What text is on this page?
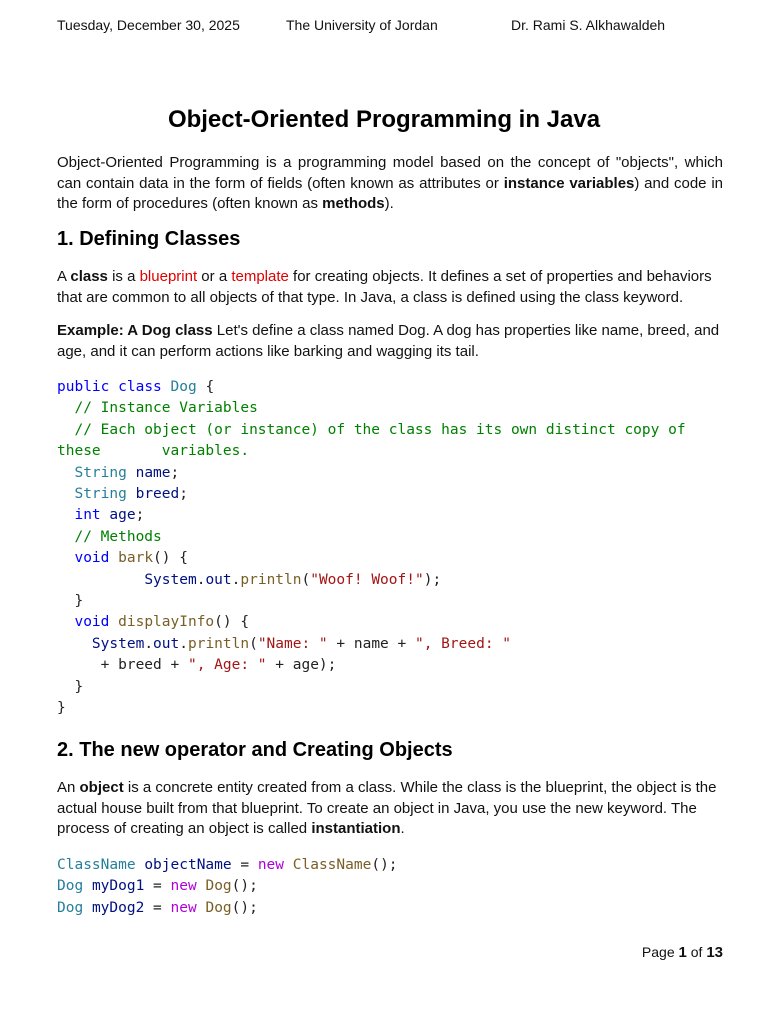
Tuesday, December 30, 2025	The University of Jordan	Dr. Rami S. Alkhawaldeh
Object-Oriented Programming in Java

Object-Oriented Programming is a programming model based on the concept of "objects", which can contain data in the form of fields (often known as attributes or instance variables) and code in the form of procedures (often known as methods).

1. Defining Classes

A class is a blueprint or a template for creating objects. It defines a set of properties and behaviors that are common to all objects of that type. In Java, a class is defined using the class keyword.

Example: A Dog class Let's define a class named Dog. A dog has properties like name, breed, and age, and it can perform actions like barking and wagging its tail.

public class Dog {
// Instance Variables
// Each object (or instance) of the class has its own distinct copy of
these       variables.
String name;
String breed;
int age;
// Methods
void bark() {
System.out.println("Woof! Woof!");
}
void displayInfo() {
System.out.println("Name: " + name + ", Breed: "
+ breed + ", Age: " + age);
}
}
2. The new operator and Creating Objects

An object is a concrete entity created from a class. While the class is the blueprint, the object is the actual house built from that blueprint. To create an object in Java, you use the new keyword. The process of creating an object is called instantiation.

ClassName objectName = new ClassName();
Dog myDog1 = new Dog();
Dog myDog2 = new Dog();
Page 1 of 13
